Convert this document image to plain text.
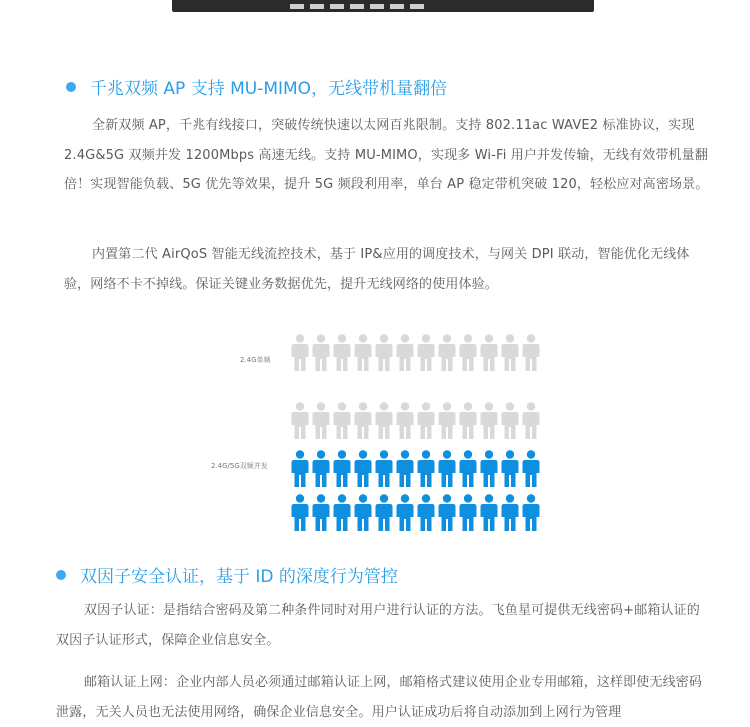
千兆双频 AP 支持 MU-MIMO，无线带机量翻倍
全新双频 AP，千兆有线接口，突破传统快速以太网百兆限制。支持 802.11ac WAVE2 标准协议，实现 2.4G&5G 双频并发 1200Mbps 高速无线。支持 MU-MIMO，实现多 Wi-Fi 用户并发传输，无线有效带机量翻倍！实现智能负载、5G 优先等效果，提升 5G 频段利用率，单台 AP 稳定带机突破 120，轻松应对高密场景。
内置第二代 AirQoS 智能无线流控技术，基于 IP&应用的调度技术，与网关 DPI 联动，智能优化无线体验，网络不卡不掉线。保证关键业务数据优先，提升无线网络的使用体验。
2.4G单频
2.4G/5G双频并发
双因子安全认证，基于 ID 的深度行为管控
双因子认证：是指结合密码及第二种条件同时对用户进行认证的方法。飞鱼星可提供无线密码+邮箱认证的双因子认证形式，保障企业信息安全。
邮箱认证上网：企业内部人员必须通过邮箱认证上网，邮箱格式建议使用企业专用邮箱，这样即使无线密码泄露，无关人员也无法使用网络，确保企业信息安全。用户认证成功后将自动添加到上网行为管理
